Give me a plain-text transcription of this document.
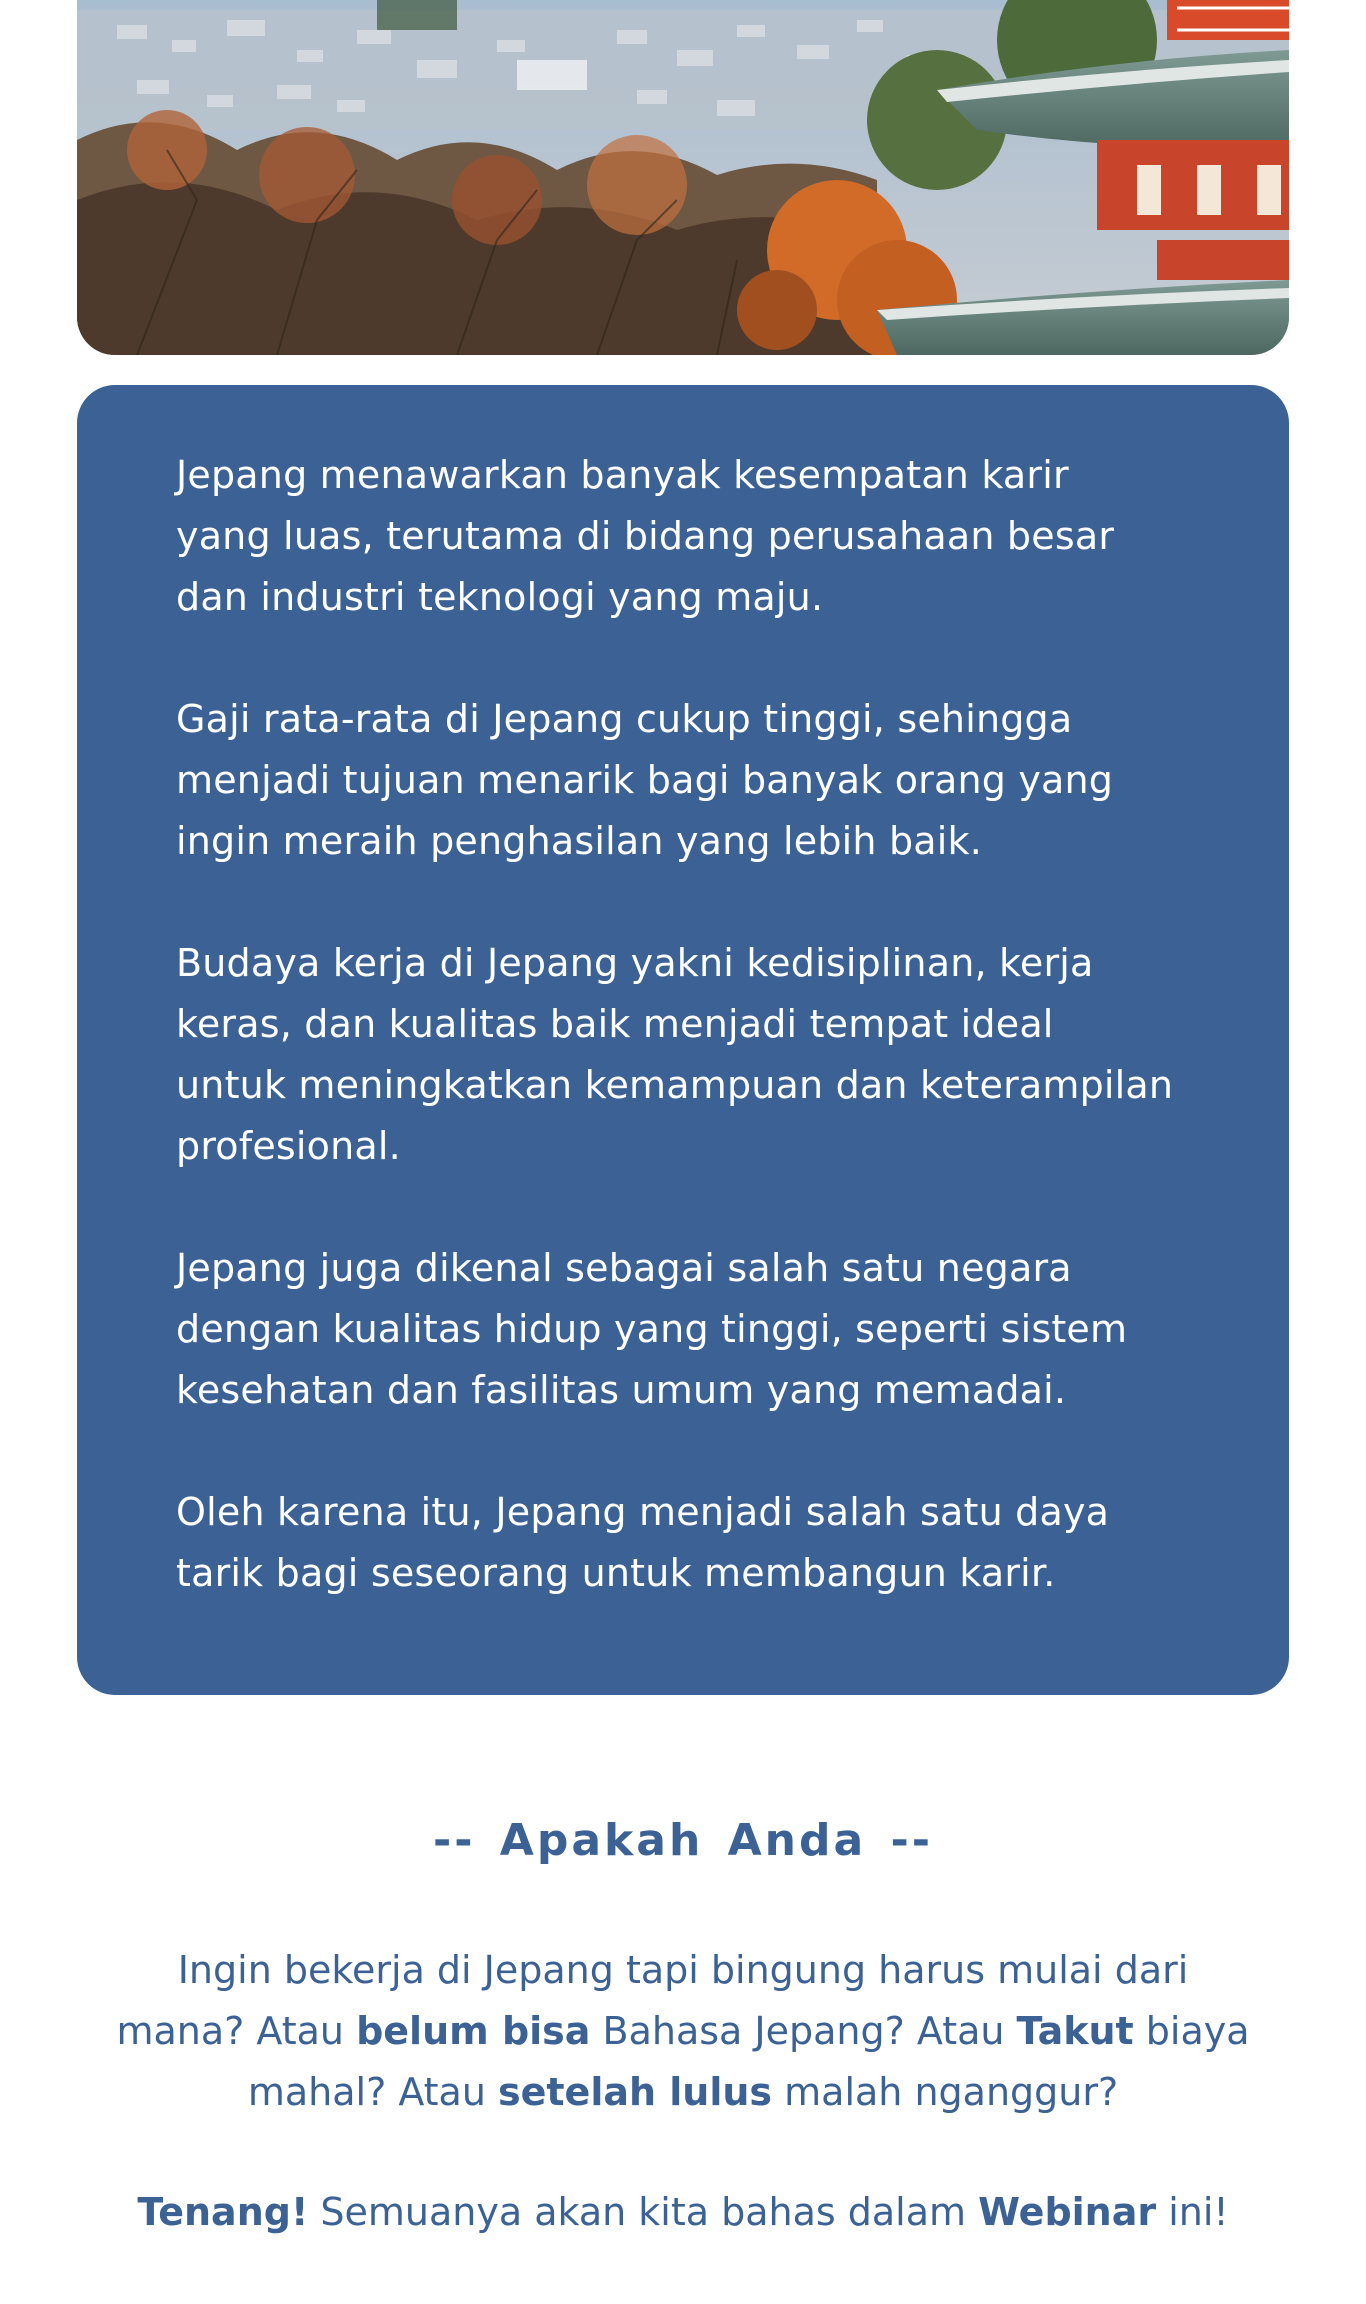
Jepang menawarkan banyak kesempatan karir
yang luas, terutama di bidang perusahaan besar
dan industri teknologi yang maju.

Gaji rata-rata di Jepang cukup tinggi, sehingga
menjadi tujuan menarik bagi banyak orang yang
ingin meraih penghasilan yang lebih baik.

Budaya kerja di Jepang yakni kedisiplinan, kerja
keras, dan kualitas baik menjadi tempat ideal
untuk meningkatkan kemampuan dan keterampilan
profesional.

Jepang juga dikenal sebagai salah satu negara
dengan kualitas hidup yang tinggi, seperti sistem
kesehatan dan fasilitas umum yang memadai.

Oleh karena itu, Jepang menjadi salah satu daya
tarik bagi seseorang untuk membangun karir.

-- Apakah Anda --
Ingin bekerja di Jepang tapi bingung harus mulai dari
mana? Atau belum bisa Bahasa Jepang? Atau Takut biaya
mahal? Atau setelah lulus malah nganggur?
Tenang! Semuanya akan kita bahas dalam Webinar ini!
